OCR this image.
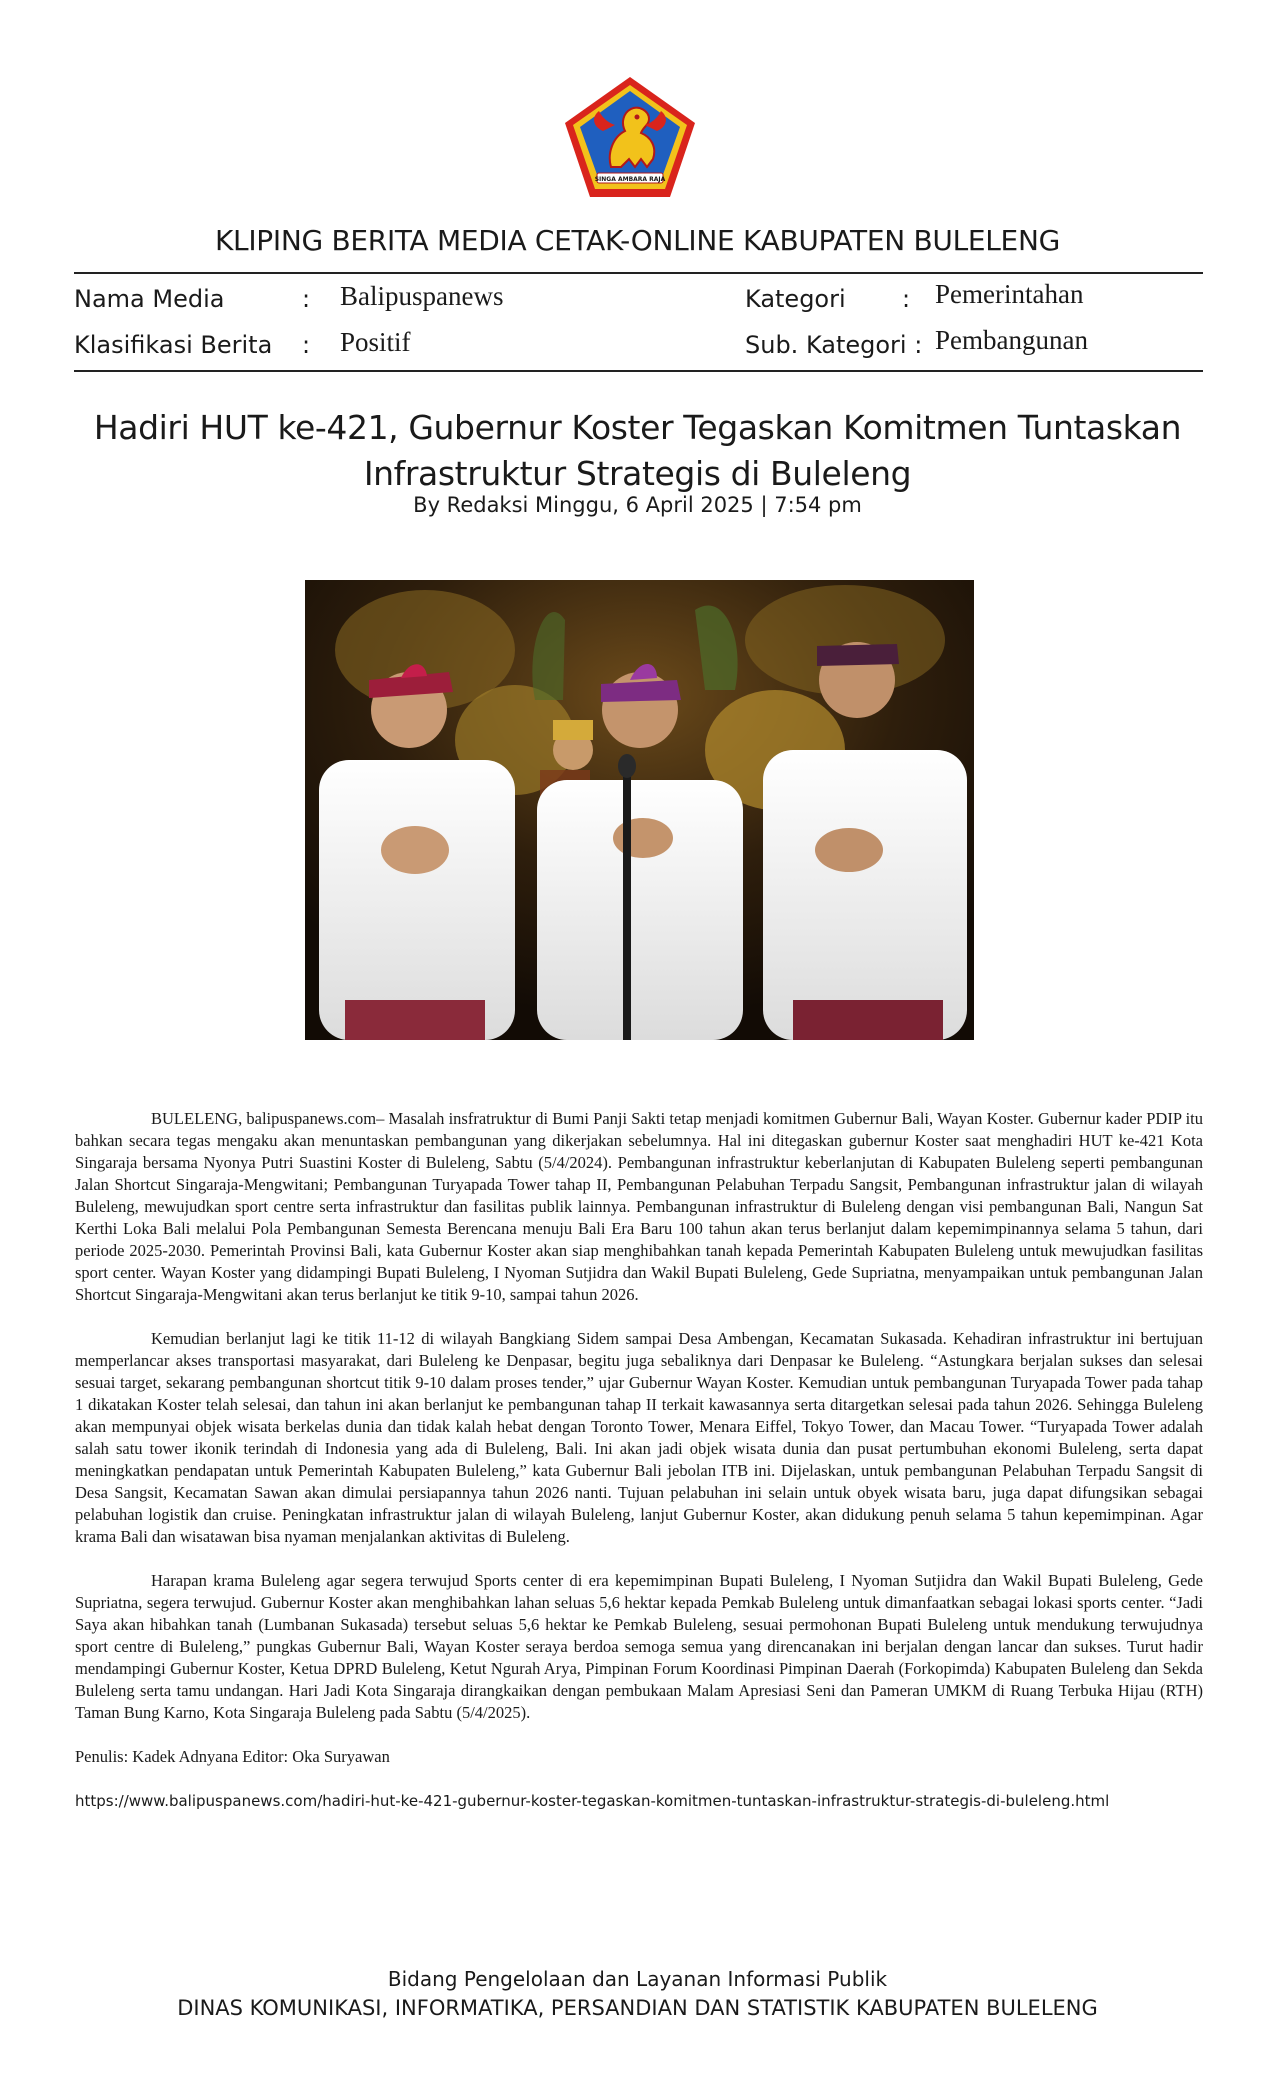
SINGA AMBARA RAJA
KLIPING BERITA MEDIA CETAK-ONLINE KABUPATEN BULELENG
Nama Media	: Balipuspanews
Klasifikasi Berita : Positif
Kategori : Pemerintahan
Sub. Kategori : Pembangunan
Hadiri HUT ke-421, Gubernur Koster Tegaskan Komitmen Tuntaskan Infrastruktur Strategis di Buleleng
By Redaksi Minggu, 6 April 2025 | 7:54 pm

BULELENG, balipuspanews.com– Masalah insfratruktur di Bumi Panji Sakti tetap menjadi komitmen Gubernur Bali, Wayan Koster. Gubernur kader PDIP itu bahkan secara tegas mengaku akan menuntaskan pembangunan yang dikerjakan sebelumnya. Hal ini ditegaskan gubernur Koster saat menghadiri HUT ke-421 Kota Singaraja bersama Nyonya Putri Suastini Koster di Buleleng, Sabtu (5/4/2024). Pembangunan infrastruktur keberlanjutan di Kabupaten Buleleng seperti pembangunan Jalan Shortcut Singaraja-Mengwitani; Pembangunan Turyapada Tower tahap II, Pembangunan Pelabuhan Terpadu Sangsit, Pembangunan infrastruktur jalan di wilayah Buleleng, mewujudkan sport centre serta infrastruktur dan fasilitas publik lainnya. Pembangunan infrastruktur di Buleleng dengan visi pembangunan Bali, Nangun Sat Kerthi Loka Bali melalui Pola Pembangunan Semesta Berencana menuju Bali Era Baru 100 tahun akan terus berlanjut dalam kepemimpinannya selama 5 tahun, dari periode 2025-2030. Pemerintah Provinsi Bali, kata Gubernur Koster akan siap menghibahkan tanah kepada Pemerintah Kabupaten Buleleng untuk mewujudkan fasilitas sport center. Wayan Koster yang didampingi Bupati Buleleng, I Nyoman Sutjidra dan Wakil Bupati Buleleng, Gede Supriatna, menyampaikan untuk pembangunan Jalan Shortcut Singaraja-Mengwitani akan terus berlanjut ke titik 9-10, sampai tahun 2026.

Kemudian berlanjut lagi ke titik 11-12 di wilayah Bangkiang Sidem sampai Desa Ambengan, Kecamatan Sukasada. Kehadiran infrastruktur ini bertujuan memperlancar akses transportasi masyarakat, dari Buleleng ke Denpasar, begitu juga sebaliknya dari Denpasar ke Buleleng. “Astungkara berjalan sukses dan selesai sesuai target, sekarang pembangunan shortcut titik 9-10 dalam proses tender,” ujar Gubernur Wayan Koster. Kemudian untuk pembangunan Turyapada Tower pada tahap 1 dikatakan Koster telah selesai, dan tahun ini akan berlanjut ke pembangunan tahap II terkait kawasannya serta ditargetkan selesai pada tahun 2026. Sehingga Buleleng akan mempunyai objek wisata berkelas dunia dan tidak kalah hebat dengan Toronto Tower, Menara Eiffel, Tokyo Tower, dan Macau Tower. “Turyapada Tower adalah salah satu tower ikonik terindah di Indonesia yang ada di Buleleng, Bali. Ini akan jadi objek wisata dunia dan pusat pertumbuhan ekonomi Buleleng, serta dapat meningkatkan pendapatan untuk Pemerintah Kabupaten Buleleng,” kata Gubernur Bali jebolan ITB ini. Dijelaskan, untuk pembangunan Pelabuhan Terpadu Sangsit di Desa Sangsit, Kecamatan Sawan akan dimulai persiapannya tahun 2026 nanti. Tujuan pelabuhan ini selain untuk obyek wisata baru, juga dapat difungsikan sebagai pelabuhan logistik dan cruise. Peningkatan infrastruktur jalan di wilayah Buleleng, lanjut Gubernur Koster, akan didukung penuh selama 5 tahun kepemimpinan. Agar krama Bali dan wisatawan bisa nyaman menjalankan aktivitas di Buleleng.

Harapan krama Buleleng agar segera terwujud Sports center di era kepemimpinan Bupati Buleleng, I Nyoman Sutjidra dan Wakil Bupati Buleleng, Gede Supriatna, segera terwujud. Gubernur Koster akan menghibahkan lahan seluas 5,6 hektar kepada Pemkab Buleleng untuk dimanfaatkan sebagai lokasi sports center. “Jadi Saya akan hibahkan tanah (Lumbanan Sukasada) tersebut seluas 5,6 hektar ke Pemkab Buleleng, sesuai permohonan Bupati Buleleng untuk mendukung terwujudnya sport centre di Buleleng,” pungkas Gubernur Bali, Wayan Koster seraya berdoa semoga semua yang direncanakan ini berjalan dengan lancar dan sukses. Turut hadir mendampingi Gubernur Koster, Ketua DPRD Buleleng, Ketut Ngurah Arya, Pimpinan Forum Koordinasi Pimpinan Daerah (Forkopimda) Kabupaten Buleleng dan Sekda Buleleng serta tamu undangan. Hari Jadi Kota Singaraja dirangkaikan dengan pembukaan Malam Apresiasi Seni dan Pameran UMKM di Ruang Terbuka Hijau (RTH) Taman Bung Karno, Kota Singaraja Buleleng pada Sabtu (5/4/2025).

Penulis: Kadek Adnyana Editor: Oka Suryawan

https://www.balipuspanews.com/hadiri-hut-ke-421-gubernur-koster-tegaskan-komitmen-tuntaskan-infrastruktur-strategis-di-buleleng.html

Bidang Pengelolaan dan Layanan Informasi Publik
DINAS KOMUNIKASI, INFORMATIKA, PERSANDIAN DAN STATISTIK KABUPATEN BULELENG
